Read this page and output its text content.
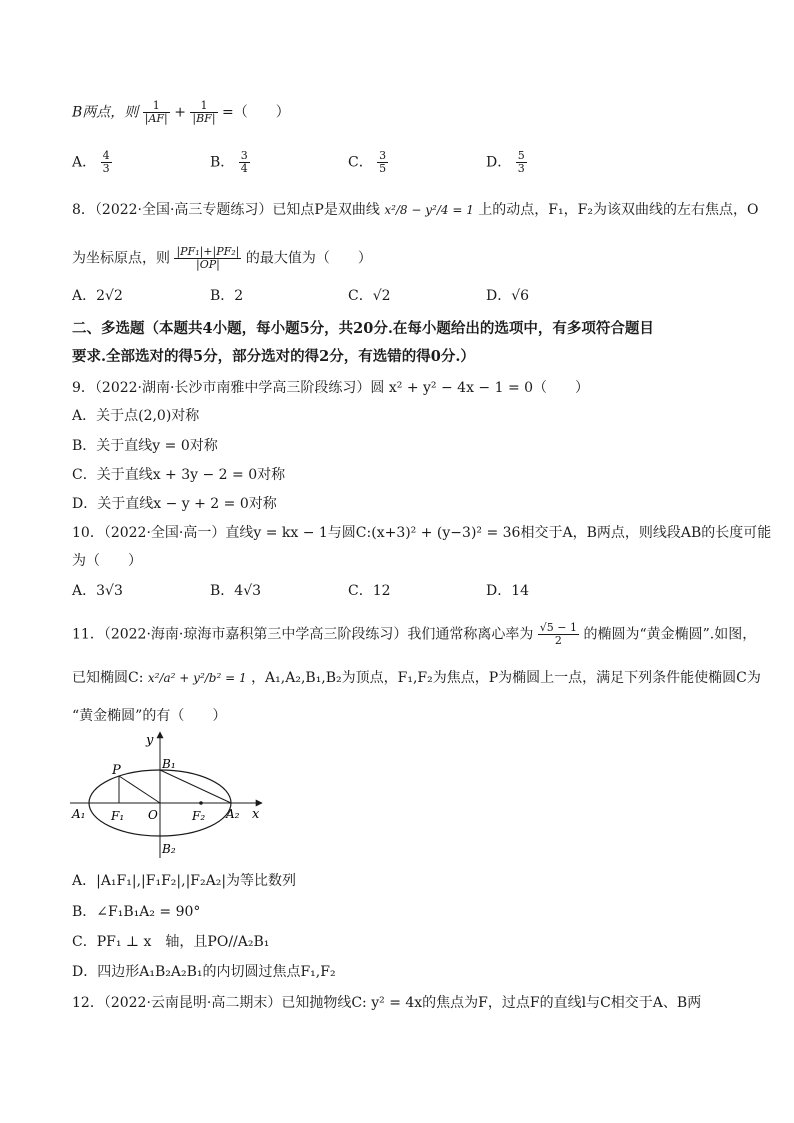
B两点，则 $\frac{1}{|AF|} + \frac{1}{|BF|}$ =（　　）
A． $\frac{4}{3}$	B． $\frac{3}{4}$	C． $\frac{3}{5}$	D． $\frac{5}{3}$
8．（2022·全国·高三专题练习）已知点P是双曲线 x²/8 − y²/4 = 1 上的动点，F₁，F₂为该双曲线的左右焦点，O
为坐标原点，则 $\frac{\text{|PF₁|+|PF₂|}}{|OP|}$ 的最大值为（　　）
A．2√2	B．2	C．√2	D．√6
二、多选题（本题共4小题，每小题5分，共20分.在每小题给出的选项中，有多项符合题目
要求.全部选对的得5分，部分选对的得2分，有选错的得0分.）
9．（2022·湖南·长沙市南雅中学高三阶段练习）圆 x² + y² − 4x − 1 = 0（　　）
A．关于点(2,0)对称
B．关于直线y = 0对称
C．关于直线x + 3y − 2 = 0对称
D．关于直线x − y + 2 = 0对称
10．（2022·全国·高一）直线y = kx − 1与圆C:(x+3)² + (y−3)² = 36相交于A，B两点，则线段AB的长度可能
为（　　）
A．3√3	B．4√3	C．12	D．14
11．（2022·海南·琼海市嘉积第三中学高三阶段练习）我们通常称离心率为 $\frac{√5 - 1}{2}$ 的椭圆为“黄金椭圆”.如图，
已知椭圆C: x²/a² + y²/b² = 1 ，A₁,A₂,B₁,B₂为顶点，F₁,F₂为焦点，P为椭圆上一点，满足下列条件能使椭圆C为
“黄金椭圆”的有（　　）
y
x
P	B₁
B₂
A₁	A₂
F₁	F₂
O
A．|A₁F₁|,|F₁F₂|,|F₂A₂|为等比数列
B．∠F₁B₁A₂ = 90°
C．PF₁ ⊥ x　轴，且PO//A₂B₁
D．四边形A₁B₂A₂B₁的内切圆过焦点F₁,F₂
12．（2022·云南昆明·高二期末）已知抛物线C: y² = 4x的焦点为F，过点F的直线l与C相交于A、B两
